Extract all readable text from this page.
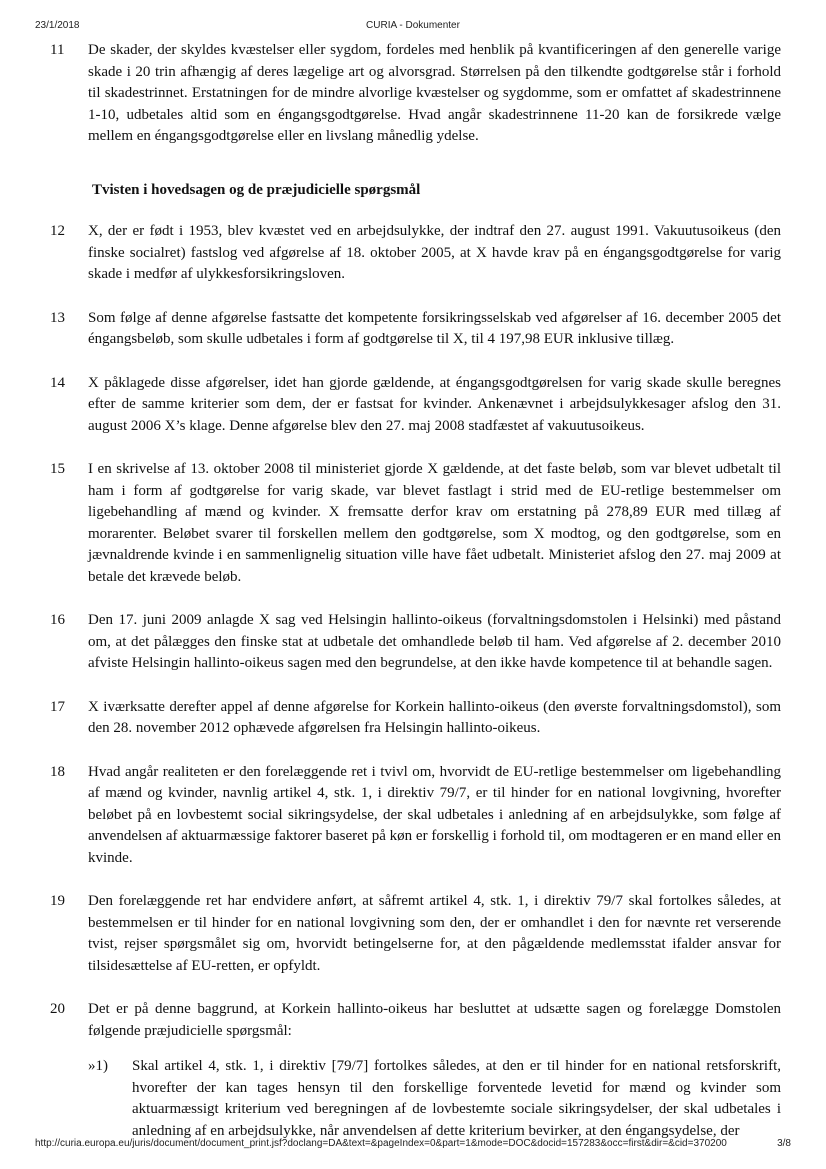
23/1/2018	CURIA - Dokumenter
11 De skader, der skyldes kvæstelser eller sygdom, fordeles med henblik på kvantificeringen af den generelle varige skade i 20 trin afhængig af deres lægelige art og alvorsgrad. Størrelsen på den tilkendte godtgørelse står i forhold til skadestrinnet. Erstatningen for de mindre alvorlige kvæstelser og sygdomme, som er omfattet af skadestrinnene 1-10, udbetales altid som en éngangsgodtgørelse. Hvad angår skadestrinnene 11-20 kan de forsikrede vælge mellem en éngangsgodtgørelse eller en livslang månedlig ydelse.
Tvisten i hovedsagen og de præjudicielle spørgsmål
12 X, der er født i 1953, blev kvæstet ved en arbejdsulykke, der indtraf den 27. august 1991. Vakuutusoikeus (den finske socialret) fastslog ved afgørelse af 18. oktober 2005, at X havde krav på en éngangsgodtgørelse for varig skade i medfør af ulykkesforsikringsloven.
13 Som følge af denne afgørelse fastsatte det kompetente forsikringsselskab ved afgørelser af 16. december 2005 det éngangsbeløb, som skulle udbetales i form af godtgørelse til X, til 4 197,98 EUR inklusive tillæg.
14 X påklagede disse afgørelser, idet han gjorde gældende, at éngangsgodtgørelsen for varig skade skulle beregnes efter de samme kriterier som dem, der er fastsat for kvinder. Ankenævnet i arbejdsulykkesager afslog den 31. august 2006 X’s klage. Denne afgørelse blev den 27. maj 2008 stadfæstet af vakuutusoikeus.
15 I en skrivelse af 13. oktober 2008 til ministeriet gjorde X gældende, at det faste beløb, som var blevet udbetalt til ham i form af godtgørelse for varig skade, var blevet fastlagt i strid med de EU-retlige bestemmelser om ligebehandling af mænd og kvinder. X fremsatte derfor krav om erstatning på 278,89 EUR med tillæg af morarenter. Beløbet svarer til forskellen mellem den godtgørelse, som X modtog, og den godtgørelse, som en jævnaldrende kvinde i en sammenlignelig situation ville have fået udbetalt. Ministeriet afslog den 27. maj 2009 at betale det krævede beløb.
16 Den 17. juni 2009 anlagde X sag ved Helsingin hallinto-oikeus (forvaltningsdomstolen i Helsinki) med påstand om, at det pålægges den finske stat at udbetale det omhandlede beløb til ham. Ved afgørelse af 2. december 2010 afviste Helsingin hallinto-oikeus sagen med den begrundelse, at den ikke havde kompetence til at behandle sagen.
17 X iværksatte derefter appel af denne afgørelse for Korkein hallinto-oikeus (den øverste forvaltningsdomstol), som den 28. november 2012 ophævede afgørelsen fra Helsingin hallinto-oikeus.
18 Hvad angår realiteten er den forelæggende ret i tvivl om, hvorvidt de EU-retlige bestemmelser om ligebehandling af mænd og kvinder, navnlig artikel 4, stk. 1, i direktiv 79/7, er til hinder for en national lovgivning, hvorefter beløbet på en lovbestemt social sikringsydelse, der skal udbetales i anledning af en arbejdsulykke, som følge af anvendelsen af aktuarmæssige faktorer baseret på køn er forskellig i forhold til, om modtageren er en mand eller en kvinde.
19 Den forelæggende ret har endvidere anført, at såfremt artikel 4, stk. 1, i direktiv 79/7 skal fortolkes således, at bestemmelsen er til hinder for en national lovgivning som den, der er omhandlet i den for nævnte ret verserende tvist, rejser spørgsmålet sig om, hvorvidt betingelserne for, at den pågældende medlemsstat ifalder ansvar for tilsidesættelse af EU-retten, er opfyldt.
20 Det er på denne baggrund, at Korkein hallinto-oikeus har besluttet at udsætte sagen og forelægge Domstolen følgende præjudicielle spørgsmål:
»1) Skal artikel 4, stk. 1, i direktiv [79/7] fortolkes således, at den er til hinder for en national retsforskrift, hvorefter der kan tages hensyn til den forskellige forventede levetid for mænd og kvinder som aktuarmæssigt kriterium ved beregningen af de lovbestemte sociale sikringsydelser, der skal udbetales i anledning af en arbejdsulykke, når anvendelsen af dette kriterium bevirker, at den éngangsydelse, der
http://curia.europa.eu/juris/document/document_print.jsf?doclang=DA&text=&pageIndex=0&part=1&mode=DOC&docid=157283&occ=first&dir=&cid=370200	3/8
